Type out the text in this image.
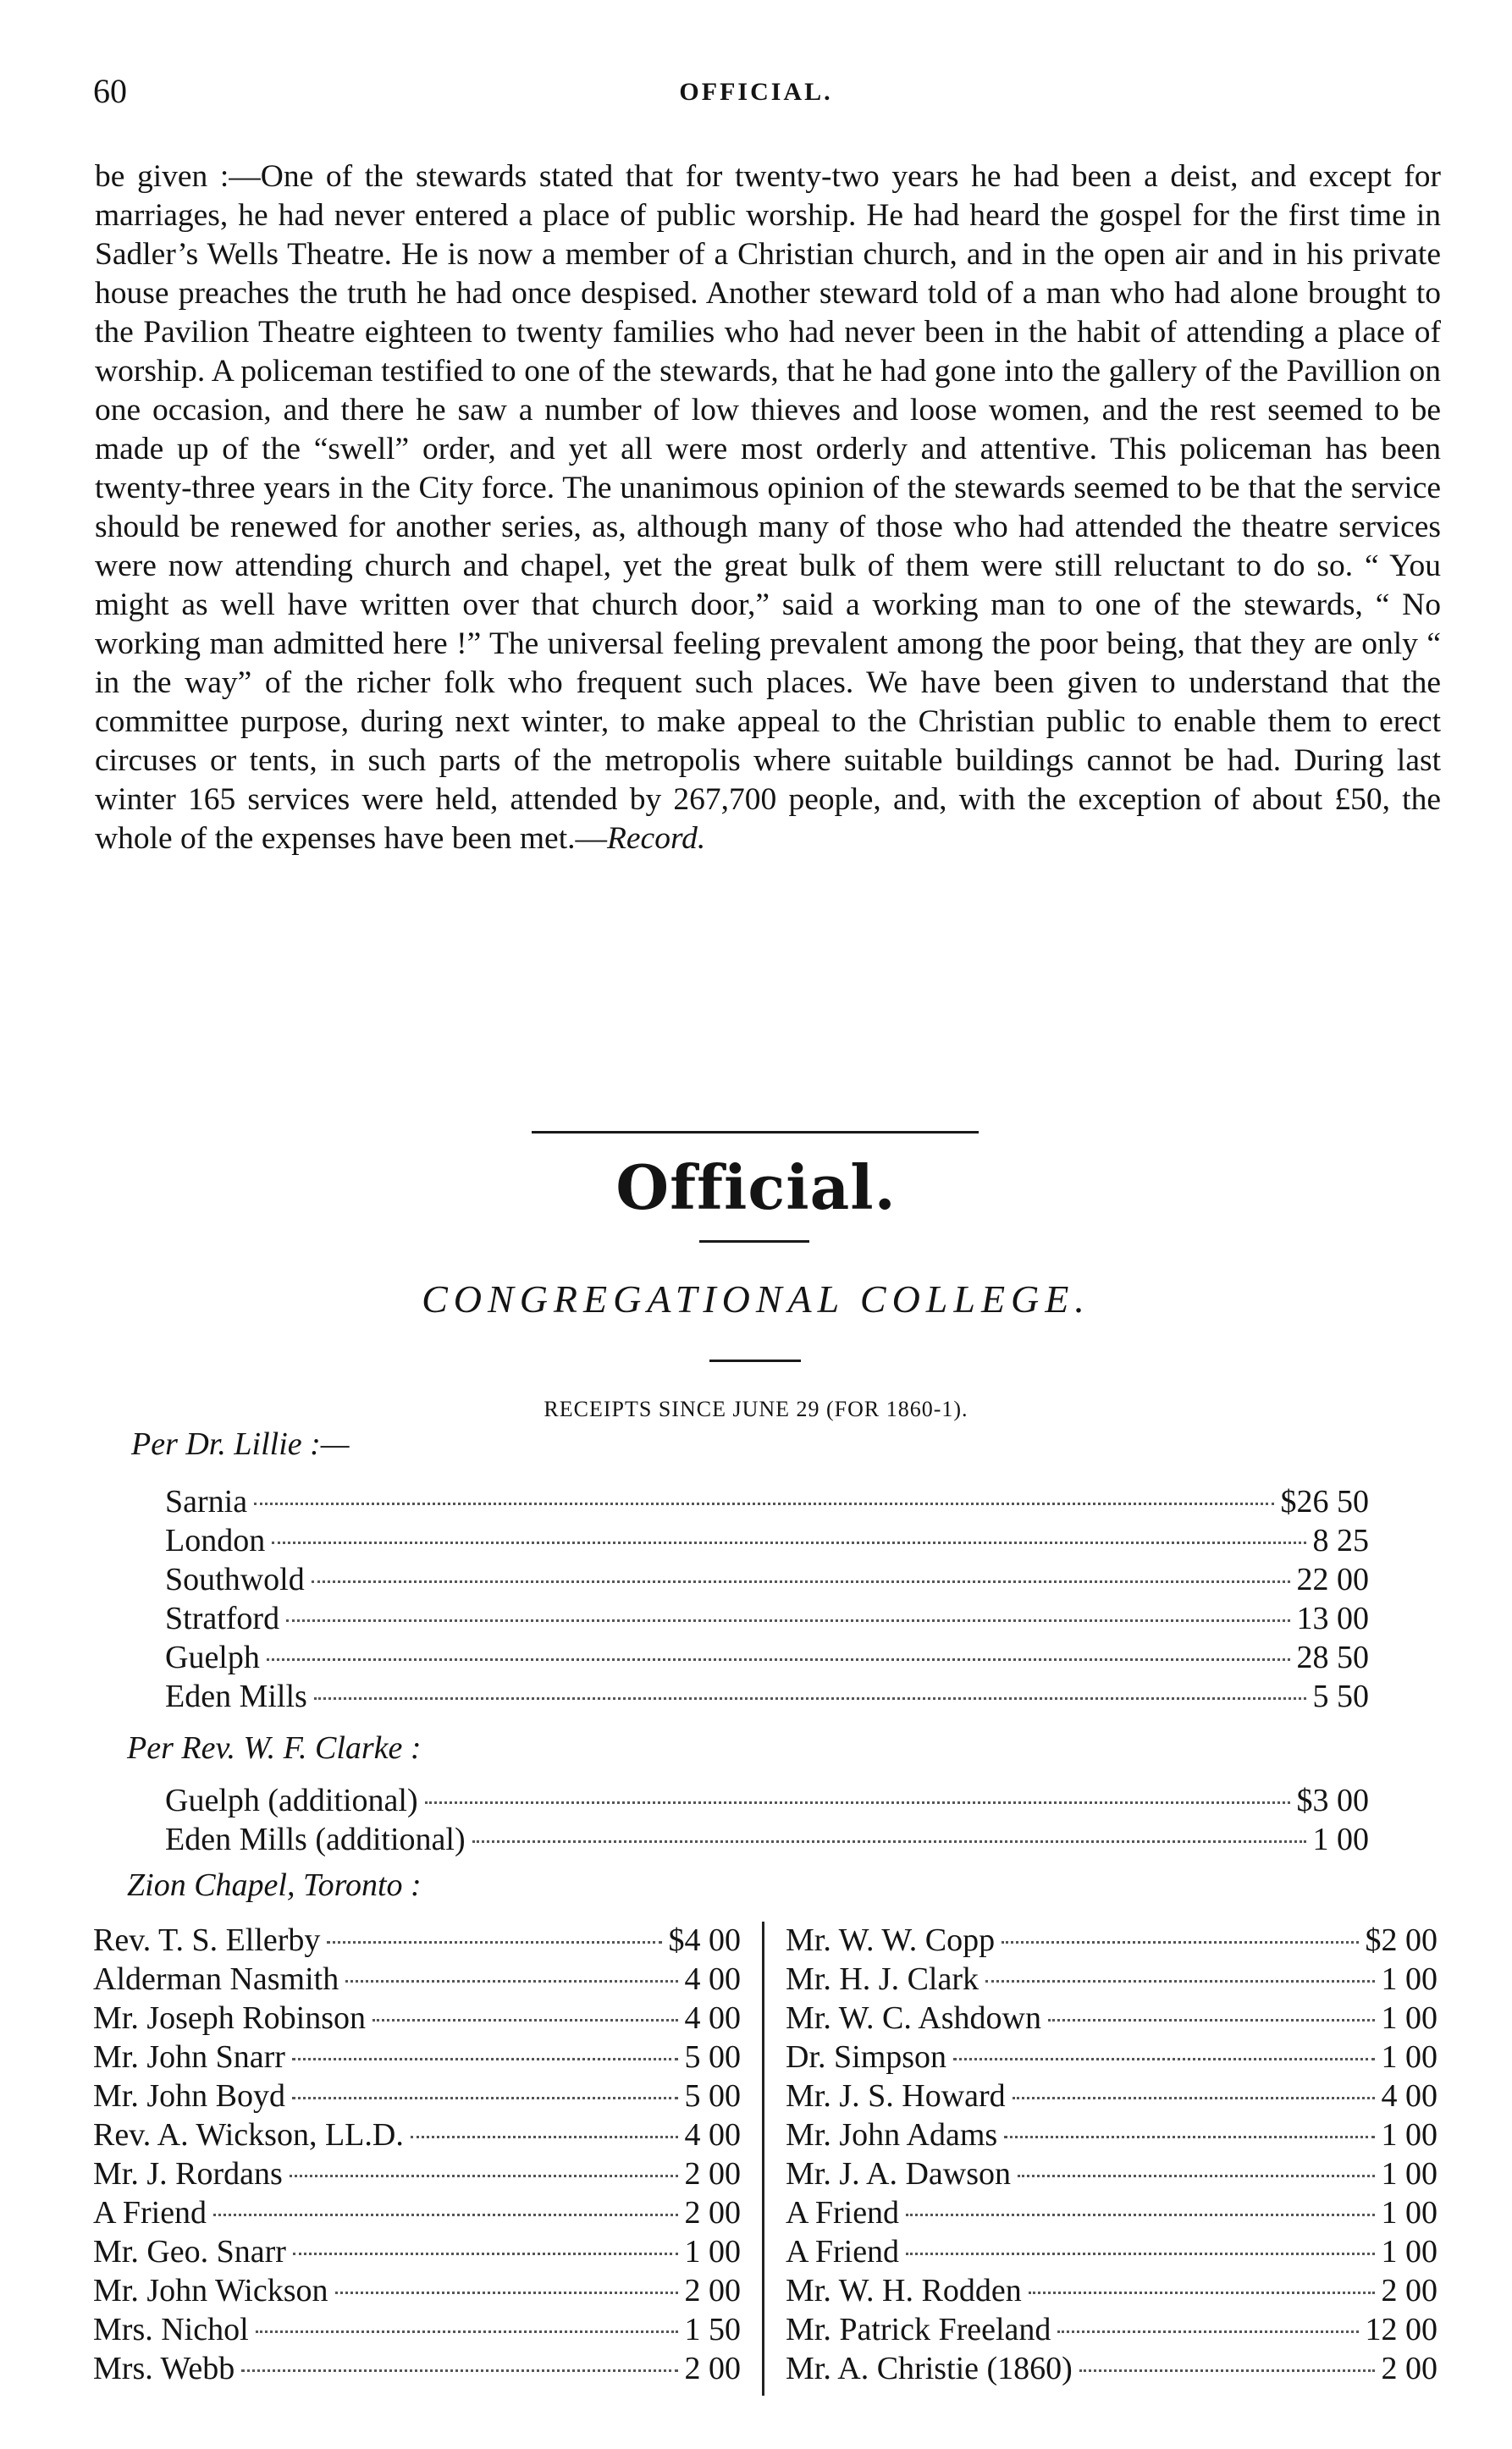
60	OFFICIAL.
be given :—One of the stewards stated that for twenty-two years he had been a deist, and except for marriages, he had never entered a place of public worship. He had heard the gospel for the first time in Sadler’s Wells Theatre. He is now a member of a Christian church, and in the open air and in his private house preaches the truth he had once despised. Another steward told of a man who had alone brought to the Pavilion Theatre eighteen to twenty families who had never been in the habit of attending a place of worship. A policeman testified to one of the stewards, that he had gone into the gallery of the Pavillion on one occasion, and there he saw a number of low thieves and loose women, and the rest seemed to be made up of the “swell” order, and yet all were most orderly and attentive. This policeman has been twenty-three years in the City force. The unanimous opinion of the stewards seemed to be that the service should be renewed for another series, as, although many of those who had attended the theatre services were now attending church and chapel, yet the great bulk of them were still reluctant to do so. “ You might as well have written over that church door,” said a working man to one of the stewards, “ No working man admitted here !” The universal feeling prevalent among the poor being, that they are only “ in the way” of the richer folk who frequent such places. We have been given to understand that the committee purpose, during next winter, to make appeal to the Christian public to enable them to erect circuses or tents, in such parts of the metropolis where suitable buildings cannot be had. During last winter 165 services were held, attended by 267,700 people, and, with the exception of about £50, the whole of the expenses have been met.—Record.
Official.
CONGREGATIONAL COLLEGE.
RECEIPTS SINCE JUNE 29 (FOR 1860-1).
Per Dr. Lillie :—
Sarnia	$26 50
London	8 25
Southwold	22 00
Stratford	13 00
Guelph	28 50
Eden Mills	5 50
Per Rev. W. F. Clarke :
Guelph (additional)	$3 00
Eden Mills (additional)	1 00
Zion Chapel, Toronto :
Rev. T. S. Ellerby	$4 00
Alderman Nasmith	4 00
Mr. Joseph Robinson	4 00
Mr. John Snarr	5 00
Mr. John Boyd	5 00
Rev. A. Wickson, LL.D.	4 00
Mr. J. Rordans	2 00
A Friend	2 00
Mr. Geo. Snarr	1 00
Mr. John Wickson	2 00
Mrs. Nichol	1 50
Mrs. Webb	2 00
Mr. W. W. Copp	$2 00
Mr. H. J. Clark	1 00
Mr. W. C. Ashdown	1 00
Dr. Simpson	1 00
Mr. J. S. Howard	4 00
Mr. John Adams	1 00
Mr. J. A. Dawson	1 00
A Friend	1 00
A Friend	1 00
Mr. W. H. Rodden	2 00
Mr. Patrick Freeland	12 00
Mr. A. Christie (1860)	2 00
